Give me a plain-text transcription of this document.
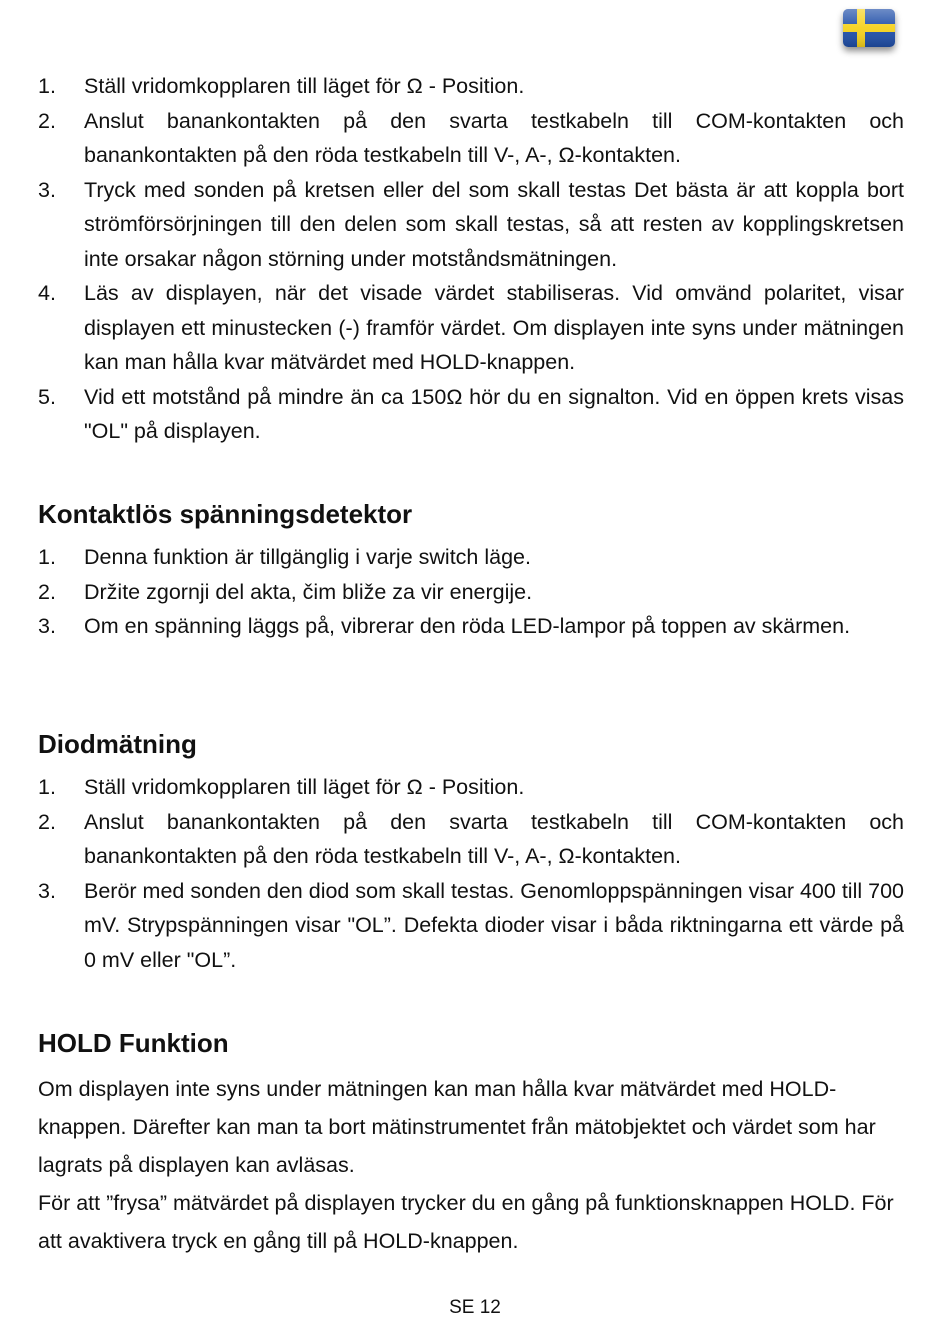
1. Ställ vridomkopplaren till läget för Ω - Position.
2. Anslut banankontakten på den svarta testkabeln till COM-kontakten och banankontakten på den röda testkabeln till V-, A-, Ω-kontakten.
3. Tryck med sonden på kretsen eller del som skall testas Det bästa är att koppla bort strömförsörjningen till den delen som skall testas, så att resten av kopplingskretsen inte orsakar någon störning under motståndsmätningen.
4. Läs av displayen, när det visade värdet stabiliseras. Vid omvänd polaritet, visar displayen ett minustecken (-) framför värdet. Om displayen inte syns under mätningen kan man hålla kvar mätvärdet med HOLD-knappen.
5. Vid ett motstånd på mindre än ca 150Ω hör du en signalton. Vid en öppen krets visas "OL" på displayen.
Kontaktlös spänningsdetektor
1. Denna funktion är tillgänglig i varje switch läge.
2. Držite zgornji del akta, čim bliže za vir energije.
3. Om en spänning läggs på, vibrerar den röda LED-lampor på toppen av skärmen.
Diodmätning
1. Ställ vridomkopplaren till läget för Ω - Position.
2. Anslut banankontakten på den svarta testkabeln till COM-kontakten och banankontakten på den röda testkabeln till V-, A-, Ω-kontakten.
3. Berör med sonden den diod som skall testas. Genomloppspänningen visar 400 till 700 mV. Strypspänningen visar "OL”. Defekta dioder visar i båda riktningarna ett värde på 0 mV eller "OL”.
HOLD Funktion

Om displayen inte syns under mätningen kan man hålla kvar mätvärdet med HOLD-knappen. Därefter kan man ta bort mätinstrumentet från mätobjektet och värdet som har lagrats på displayen kan avläsas.

För att ”frysa” mätvärdet på displayen trycker du en gång på funktionsknappen HOLD. För att avaktivera tryck en gång till på HOLD-knappen.

SE 12
